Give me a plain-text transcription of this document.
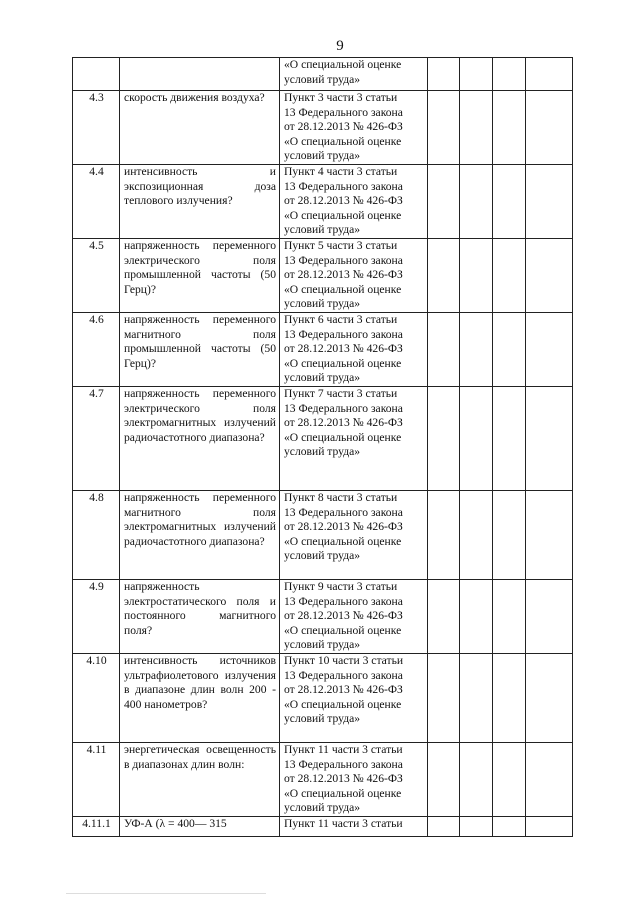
9

		«О специальной оценке
условий труда»				

4.3	скорость движения воздуха?	Пункт 3 части 3 статьи
13 Федерального закона
от 28.12.2013 № 426-ФЗ
«О специальной оценке
условий труда»				

4.4	интенсивность и экспозиционная доза теплового излучения?	Пункт 4 части 3 статьи
13 Федерального закона
от 28.12.2013 № 426-ФЗ
«О специальной оценке
условий труда»				

4.5	напряженность переменного электрического поля промышленной частоты (50 Герц)?	Пункт 5 части 3 статьи
13 Федерального закона
от 28.12.2013 № 426-ФЗ
«О специальной оценке
условий труда»				

4.6	напряженность переменного магнитного поля промышленной частоты (50 Герц)?	Пункт 6 части 3 статьи
13 Федерального закона
от 28.12.2013 № 426-ФЗ
«О специальной оценке
условий труда»				

4.7	напряженность переменного электрического поля электромагнитных излучений радиочастотного диапазона?	Пункт 7 части 3 статьи
13 Федерального закона
от 28.12.2013 № 426-ФЗ
«О специальной оценке
условий труда»				

4.8	напряженность переменного магнитного поля электромагнитных излучений радиочастотного диапазона?	Пункт 8 части 3 статьи
13 Федерального закона
от 28.12.2013 № 426-ФЗ
«О специальной оценке
условий труда»				

4.9	напряженность электростатического поля и постоянного магнитного поля?	Пункт 9 части 3 статьи
13 Федерального закона
от 28.12.2013 № 426-ФЗ
«О специальной оценке
условий труда»				

4.10	интенсивность источников ультрафиолетового излучения в диапазоне длин волн 200 - 400 нанометров?	Пункт 10 части 3 статьи
13 Федерального закона
от 28.12.2013 № 426-ФЗ
«О специальной оценке
условий труда»				

4.11	энергетическая освещенность в диапазонах длин волн:	Пункт 11 части 3 статьи
13 Федерального закона
от 28.12.2013 № 426-ФЗ
«О специальной оценке
условий труда»				

4.11.1	УФ-А (λ = 400— 315	Пункт 11 части 3 статьи				
